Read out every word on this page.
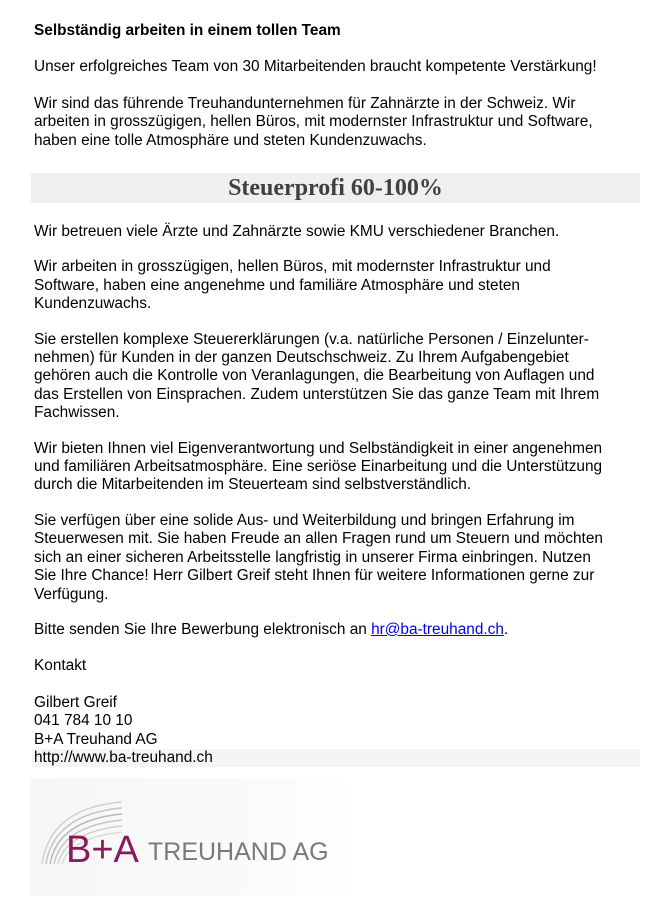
Selbständig arbeiten in einem tollen Team

Unser erfolgreiches Team von 30 Mitarbeitenden braucht kompetente Verstärkung!

Wir sind das führende Treuhandunternehmen für Zahnärzte in der Schweiz. Wir
arbeiten in grosszügigen, hellen Büros, mit modernster Infrastruktur und Software,
haben eine tolle Atmosphäre und steten Kundenzuwachs.
Steuerprofi 60-100%

Wir betreuen viele Ärzte und Zahnärzte sowie KMU verschiedener Branchen.

Wir arbeiten in grosszügigen, hellen Büros, mit modernster Infrastruktur und
Software, haben eine angenehme und familiäre Atmosphäre und steten
Kundenzuwachs.
Sie erstellen komplexe Steuererklärungen (v.a. natürliche Personen / Einzelunter-
nehmen) für Kunden in der ganzen Deutschschweiz. Zu Ihrem Aufgabengebiet
gehören auch die Kontrolle von Veranlagungen, die Bearbeitung von Auflagen und
das Erstellen von Einsprachen. Zudem unterstützen Sie das ganze Team mit Ihrem
Fachwissen.
Wir bieten Ihnen viel Eigenverantwortung und Selbständigkeit in einer angenehmen
und familiären Arbeitsatmosphäre. Eine seriöse Einarbeitung und die Unterstützung
durch die Mitarbeitenden im Steuerteam sind selbstverständlich.
Sie verfügen über eine solide Aus- und Weiterbildung und bringen Erfahrung im
Steuerwesen mit. Sie haben Freude an allen Fragen rund um Steuern und möchten
sich an einer sicheren Arbeitsstelle langfristig in unserer Firma einbringen. Nutzen
Sie Ihre Chance! Herr Gilbert Greif steht Ihnen für weitere Informationen gerne zur
Verfügung.

Bitte senden Sie Ihre Bewerbung elektronisch an hr@ba-treuhand.ch.

Kontakt

Gilbert Greif
041 784 10 10
B+A Treuhand AG
http://www.ba-treuhand.ch
B+A TREUHAND AG
